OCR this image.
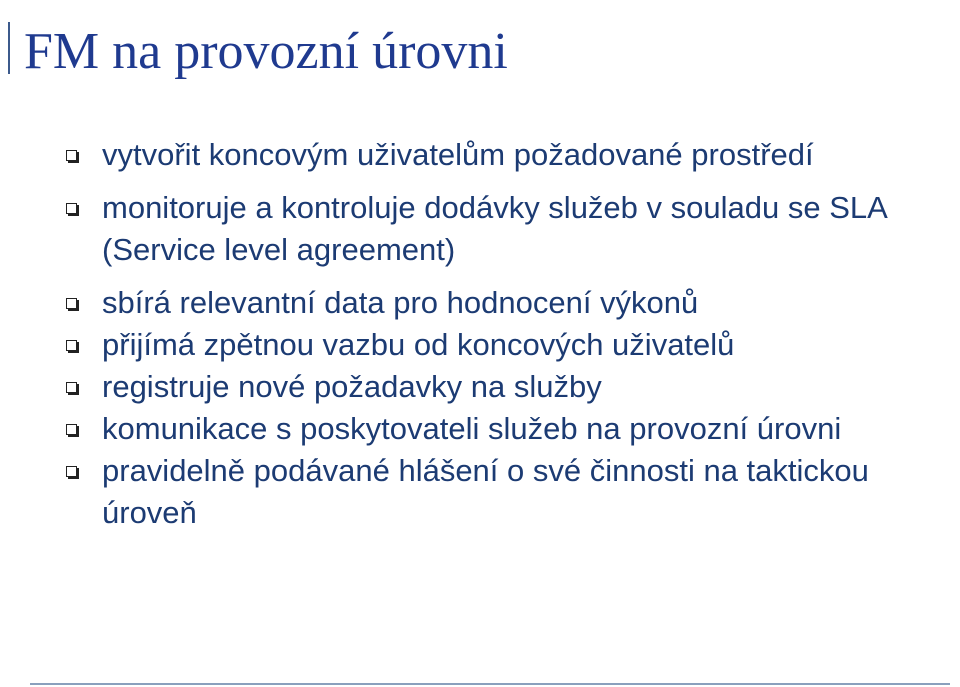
FM na provozní úrovni
vytvořit koncovým uživatelům požadované prostředí
monitoruje a kontroluje dodávky služeb v souladu se SLA (Service level agreement)
sbírá relevantní data pro hodnocení výkonů
přijímá zpětnou vazbu od koncových uživatelů
registruje nové požadavky na služby
komunikace s poskytovateli služeb na provozní úrovni
pravidelně podávané hlášení o své činnosti na taktickou úroveň
